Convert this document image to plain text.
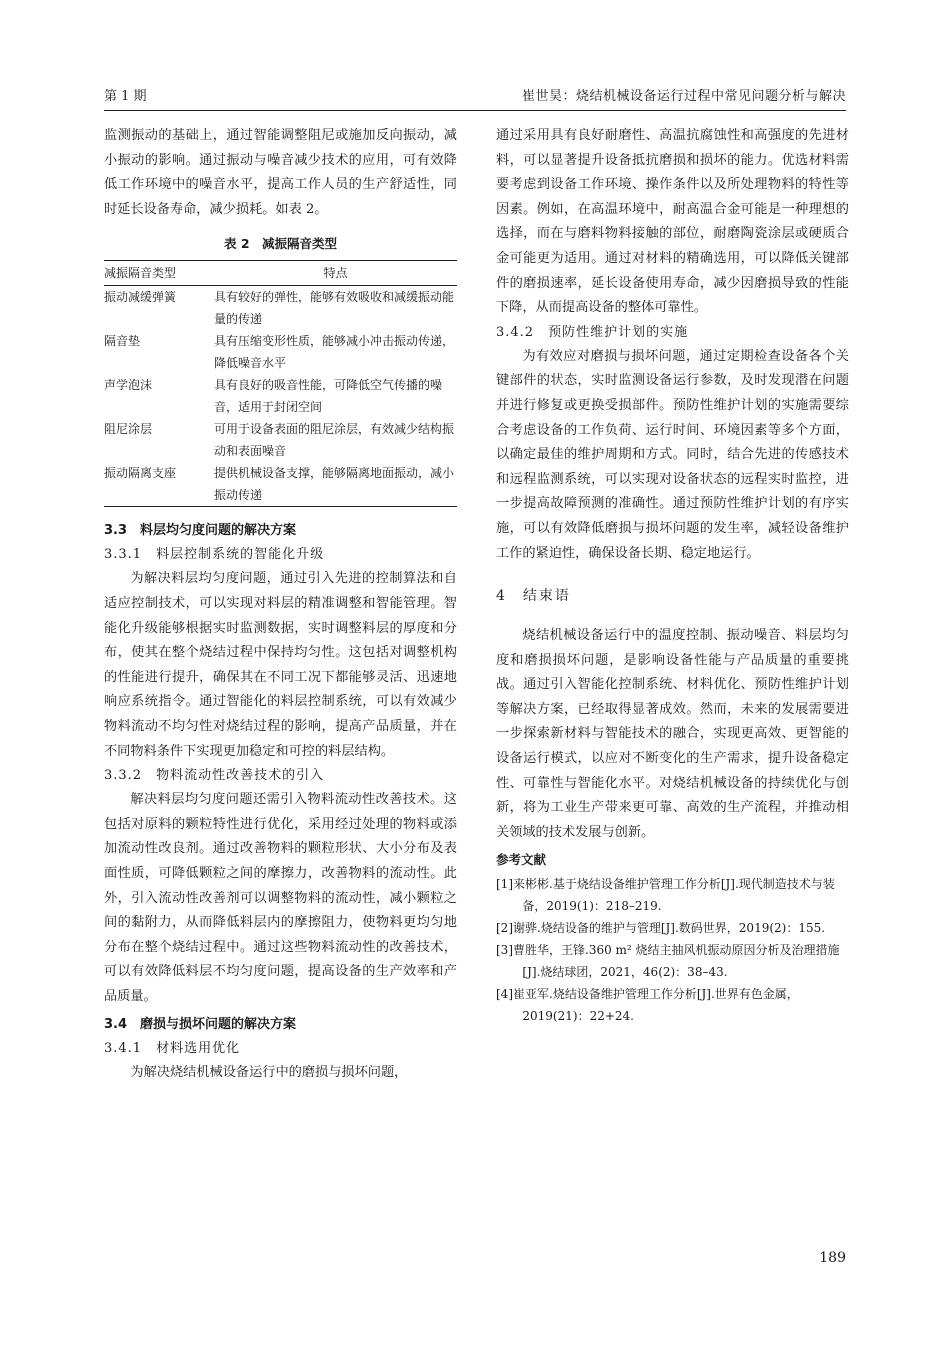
第 1 期	崔世昊：烧结机械设备运行过程中常见问题分析与解决

监测振动的基础上，通过智能调整阻尼或施加反向振动，减小振动的影响。通过振动与噪音减少技术的应用，可有效降低工作环境中的噪音水平，提高工作人员的生产舒适性，同时延长设备寿命，减少损耗。如表 2。

表 2　减振隔音类型
减振隔音类型	特点
振动减缓弹簧	具有较好的弹性，能够有效吸收和减缓振动能量的传递
隔音垫	具有压缩变形性质，能够减小冲击振动传递，降低噪音水平
声学泡沫	具有良好的吸音性能，可降低空气传播的噪音，适用于封闭空间
阻尼涂层	可用于设备表面的阻尼涂层，有效减少结构振动和表面噪音
振动隔离支座	提供机械设备支撑，能够隔离地面振动，减小振动传递
3.3　料层均匀度问题的解决方案
3.3.1　料层控制系统的智能化升级

为解决料层均匀度问题，通过引入先进的控制算法和自适应控制技术，可以实现对料层的精准调整和智能管理。智能化升级能够根据实时监测数据，实时调整料层的厚度和分布，使其在整个烧结过程中保持均匀性。这包括对调整机构的性能进行提升，确保其在不同工况下都能够灵活、迅速地响应系统指令。通过智能化的料层控制系统，可以有效减少物料流动不均匀性对烧结过程的影响，提高产品质量，并在不同物料条件下实现更加稳定和可控的料层结构。

3.3.2　物料流动性改善技术的引入

解决料层均匀度问题还需引入物料流动性改善技术。这包括对原料的颗粒特性进行优化，采用经过处理的物料或添加流动性改良剂。通过改善物料的颗粒形状、大小分布及表面性质，可降低颗粒之间的摩擦力，改善物料的流动性。此外，引入流动性改善剂可以调整物料的流动性，减小颗粒之间的黏附力，从而降低料层内的摩擦阻力，使物料更均匀地分布在整个烧结过程中。通过这些物料流动性的改善技术，可以有效降低料层不均匀度问题，提高设备的生产效率和产品质量。

3.4　磨损与损坏问题的解决方案
3.4.1　材料选用优化

为解决烧结机械设备运行中的磨损与损坏问题，

通过采用具有良好耐磨性、高温抗腐蚀性和高强度的先进材料，可以显著提升设备抵抗磨损和损坏的能力。优选材料需要考虑到设备工作环境、操作条件以及所处理物料的特性等因素。例如，在高温环境中，耐高温合金可能是一种理想的选择，而在与磨料物料接触的部位，耐磨陶瓷涂层或硬质合金可能更为适用。通过对材料的精确选用，可以降低关键部件的磨损速率，延长设备使用寿命，减少因磨损导致的性能下降，从而提高设备的整体可靠性。

3.4.2　预防性维护计划的实施

为有效应对磨损与损坏问题，通过定期检查设备各个关键部件的状态，实时监测设备运行参数，及时发现潜在问题并进行修复或更换受损部件。预防性维护计划的实施需要综合考虑设备的工作负荷、运行时间、环境因素等多个方面，以确定最佳的维护周期和方式。同时，结合先进的传感技术和远程监测系统，可以实现对设备状态的远程实时监控，进一步提高故障预测的准确性。通过预防性维护计划的有序实施，可以有效降低磨损与损坏问题的发生率，减轻设备维护工作的紧迫性，确保设备长期、稳定地运行。

4　结束语

烧结机械设备运行中的温度控制、振动噪音、料层均匀度和磨损损坏问题，是影响设备性能与产品质量的重要挑战。通过引入智能化控制系统、材料优化、预防性维护计划等解决方案，已经取得显著成效。然而，未来的发展需要进一步探索新材料与智能技术的融合，实现更高效、更智能的设备运行模式，以应对不断变化的生产需求，提升设备稳定性、可靠性与智能化水平。对烧结机械设备的持续优化与创新，将为工业生产带来更可靠、高效的生产流程，并推动相关领域的技术发展与创新。

参考文献

[1]来彬彬.基于烧结设备维护管理工作分析[J].现代制造技术与装备，2019(1)：218–219.

[2]谢骅.烧结设备的维护与管理[J].数码世界，2019(2)：155.

[3]曹胜华，王锋.360 m² 烧结主抽风机振动原因分析及治理措施[J].烧结球团，2021，46(2)：38–43.

[4]崔亚军.烧结设备维护管理工作分析[J].世界有色金属，2019(21)：22+24.

189
